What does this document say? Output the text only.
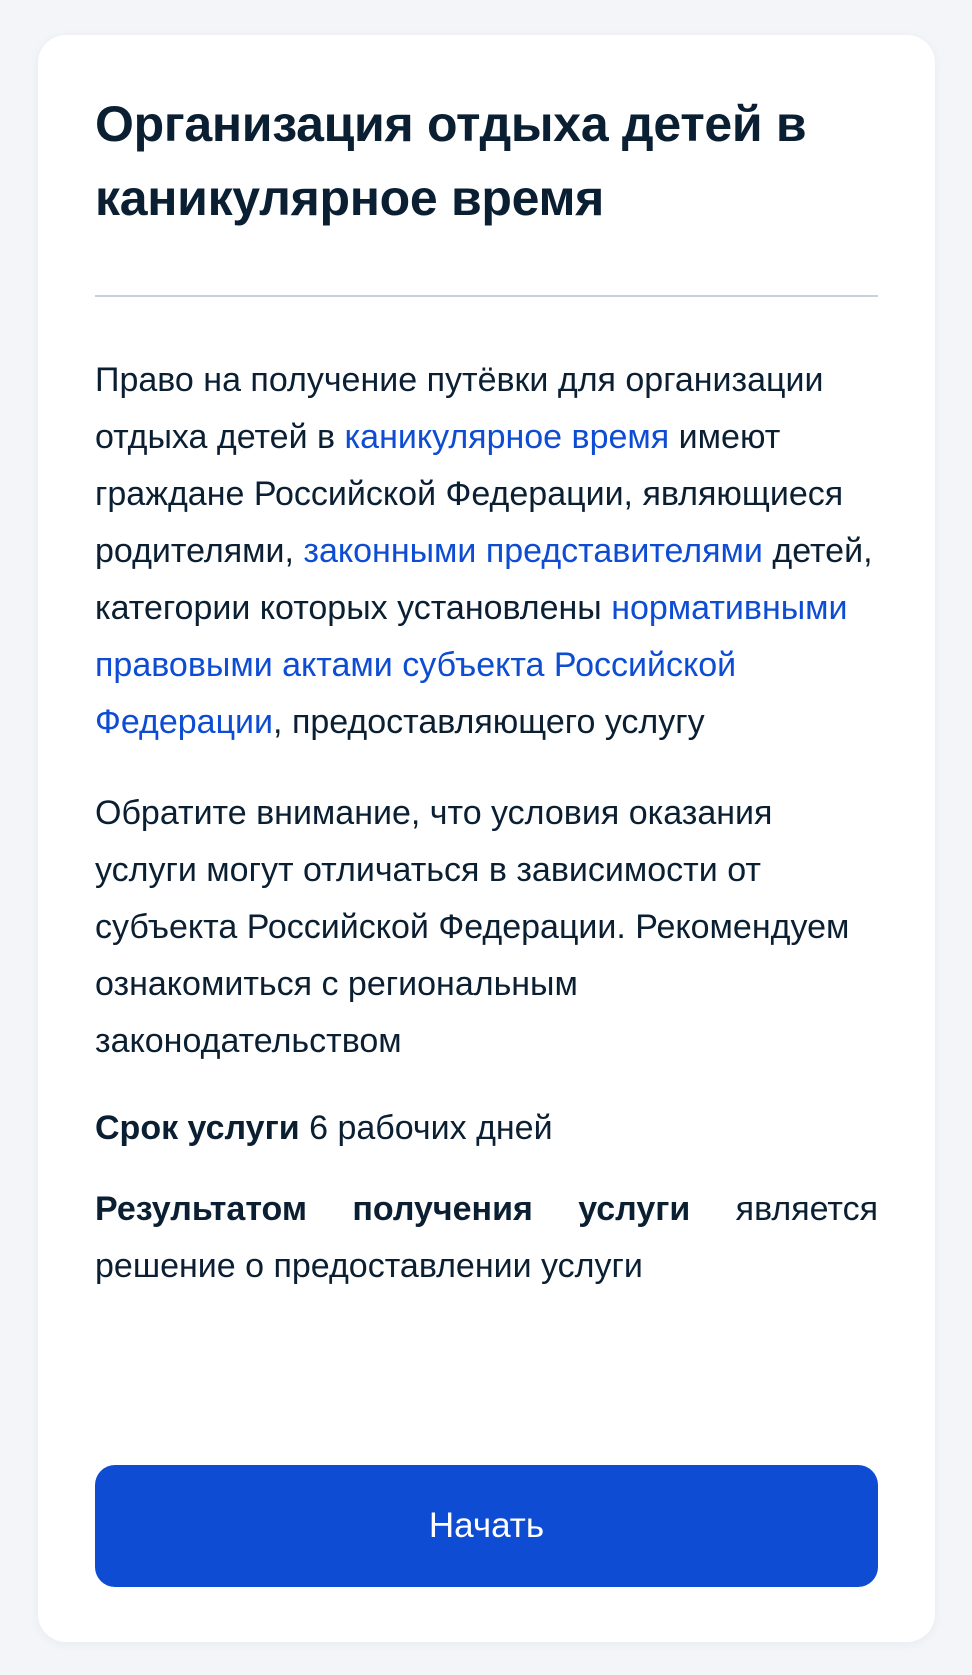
Организация отдыха детей в каникулярное время

Право на получение путёвки для организации отдыха детей в каникулярное время имеют граждане Российской Федерации, являющиеся родителями, законными представителями детей, категории которых установлены нормативными правовыми актами субъекта Российской Федерации, предоставляющего услугу

Обратите внимание, что условия оказания услуги могут отличаться в зависимости от субъекта Российской Федерации. Рекомендуем ознакомиться с региональным законодательством

Срок услуги 6 рабочих дней

Результатом получения услуги является решение о предоставлении услуги

Начать
